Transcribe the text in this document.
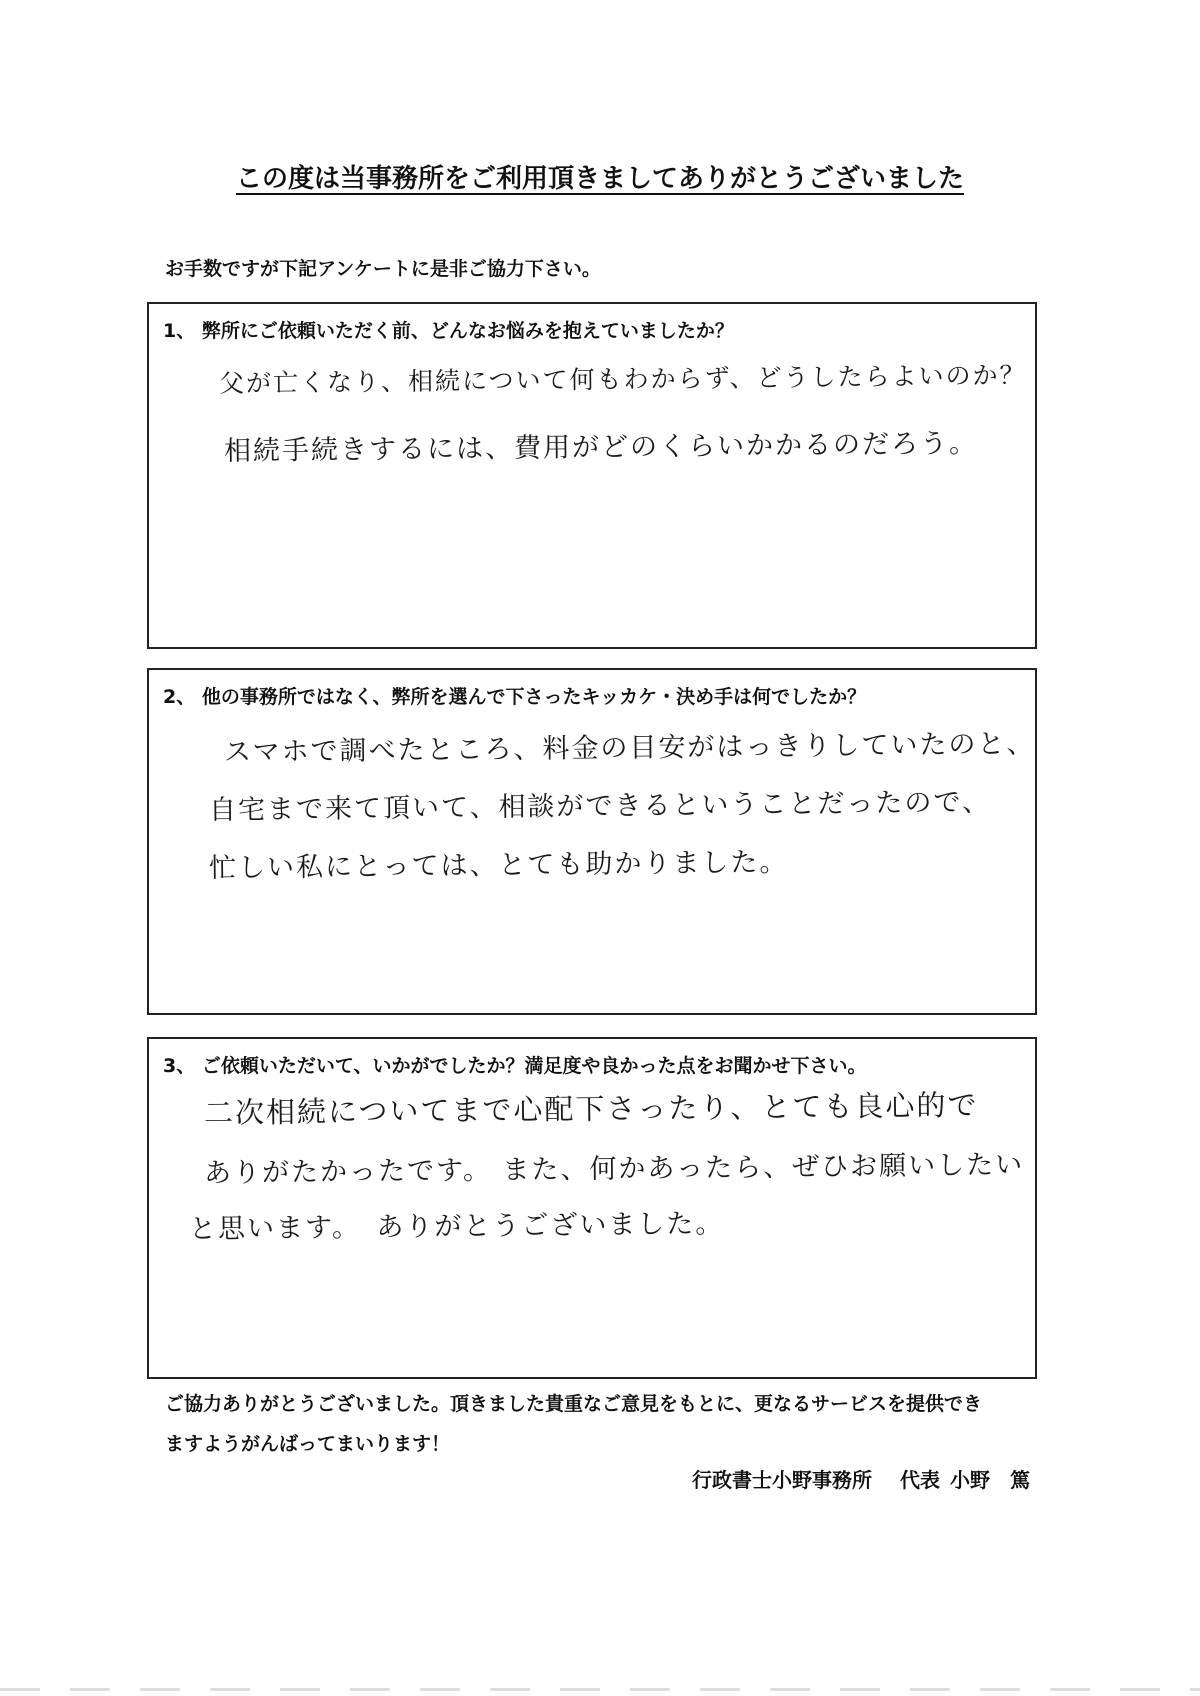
この度は当事務所をご利用頂きましてありがとうございました
お手数ですが下記アンケートに是非ご協力下さい。
1、 弊所にご依頼いただく前、どんなお悩みを抱えていましたか？
父が亡くなり、相続について何もわからず、どうしたらよいのか？
相続手続きするには、費用がどのくらいかかるのだろう。
2、 他の事務所ではなく、弊所を選んで下さったキッカケ・決め手は何でしたか？
スマホで調べたところ、料金の目安がはっきりしていたのと、
自宅まで来て頂いて、相談ができるということだったので、
忙しい私にとっては、とても助かりました。
3、 ご依頼いただいて、いかがでしたか？満足度や良かった点をお聞かせ下さい。
二次相続についてまで心配下さったり、とても良心的で
ありがたかったです。 また、何かあったら、ぜひお願いしたい
と思います。　ありがとうございました。
ご協力ありがとうございました。頂きました貴重なご意見をもとに、更なるサービスを提供でき
ますようがんばってまいります！
行政書士小野事務所 代表 小野　篤
